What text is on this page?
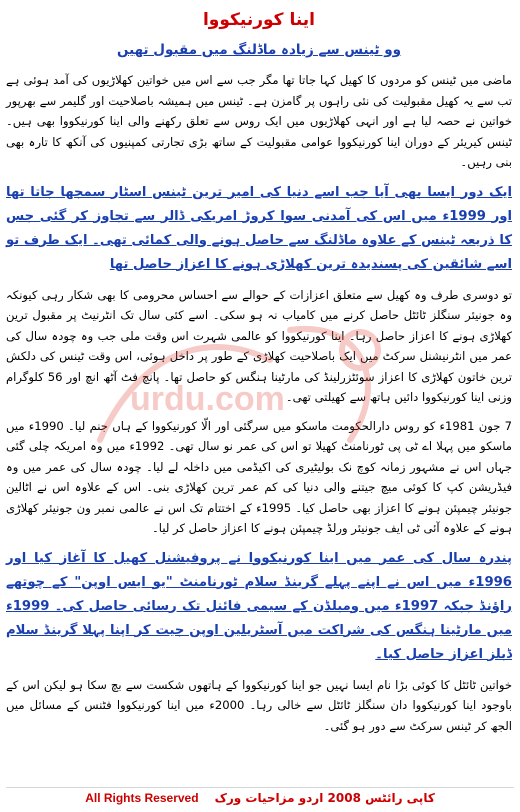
اینا کورنیکووا
وو ٹینس سے زیادہ ماڈلنگ میں مقبول تھیں

ماضی میں ٹینس کو مردوں کا کھیل کہا جاتا تھا مگر جب سے اس میں خواتین کھلاڑیوں کی آمد ہوئی ہے تب سے یہ کھیل مقبولیت کی نئی راہوں پر گامزن ہے۔ ٹینس میں ہمیشہ باصلاحیت اور گلیمر سے بھرپور خواتین نے حصہ لیا ہے اور انہی کھلاڑیوں میں ایک روس سے تعلق رکھنے والی اینا کورنیکووا بھی ہیں۔ ٹینس کیریئر کے دوران اینا کورنیکووا عوامی مقبولیت کے ساتھ بڑی تجارتی کمپنیوں کی آنکھ کا تارہ بھی بنی رہیں۔

ایک دور ایسا بھی آیا جب اسے دنیا کی امیر ترین ٹینس اسٹار سمجھا جاتا تھا اور 1999ء میں اس کی آمدنی سوا کروڑ امریکی ڈالر سے تجاوز کر گئی جس کا ذریعہ ٹینس کے علاوہ ماڈلنگ سے حاصل ہونے والی کمائی تھی۔ ایک طرف تو اسے شائقین کی پسندیدہ ترین کھلاڑی ہونے کا اعزاز حاصل تھا

تو دوسری طرف وہ کھیل سے متعلق اعزازات کے حوالے سے احساس محرومی کا بھی شکار رہی کیونکہ وہ جونیئر سنگلز ٹائٹل حاصل کرنے میں کامیاب نہ ہو سکی۔ اسے کئی سال تک انٹرنیٹ پر مقبول ترین کھلاڑی ہونے کا اعزاز حاصل رہا۔ اینا کورنیکووا کو عالمی شہرت اس وقت ملی جب وہ چودہ سال کی عمر میں انٹرنیشنل سرکٹ میں ایک باصلاحیت کھلاڑی کے طور پر داخل ہوئی، اس وقت ٹینس کی دلکش ترین خاتون کھلاڑی کا اعزاز سوئٹزرلینڈ کی مارٹینا ہنگس کو حاصل تھا۔ پانچ فٹ آٹھ انچ اور 56 کلوگرام وزنی اینا کورنیکووا دائیں ہاتھ سے کھیلتی تھی۔

7 جون 1981ء کو روس دارالحکومت ماسکو میں سرگئی اور الّا کورنیکووا کے ہاں جنم لیا۔ 1990ء میں ماسکو میں پہلا اے ٹی پی ٹورنامنٹ کھیلا تو اس کی عمر نو سال تھی۔ 1992ء میں وہ امریکہ چلی گئی جہاں اس نے مشہور زمانہ کوچ نک بولیٹیری کی اکیڈمی میں داخلہ لے لیا۔ چودہ سال کی عمر میں وہ فیڈریشن کپ کا کوئی میچ جیتنے والی دنیا کی کم عمر ترین کھلاڑی بنی۔ اس کے علاوہ اس نے اٹالین جونیئر چیمپئن ہونے کا اعزاز بھی حاصل کیا۔ 1995ء کے اختتام تک اس نے عالمی نمبر ون جونیئر کھلاڑی ہونے کے علاوہ آئی ٹی ایف جونیئر ورلڈ چیمپئن ہونے کا اعزاز حاصل کر لیا۔

پندرہ سال کی عمر میں اینا کورنیکووا نے پروفیشنل کھیل کا آغاز کیا اور 1996ء میں اس نے اپنے پہلے گرینڈ سلام ٹورنامنٹ "یو ایس اوپن" کے چوتھے راؤنڈ جبکہ 1997ء میں ومبلڈن کے سیمی فائنل تک رسائی حاصل کی۔ 1999ء میں مارٹینا ہنگس کی شراکت میں آسٹریلین اوپن جیت کر اپنا پہلا گرینڈ سلام ڈبلز اعزاز حاصل کیا۔

خواتین ٹائٹل کا کوئی بڑا نام ایسا نہیں جو اینا کورنیکووا کے ہاتھوں شکست سے بچ سکا ہو لیکن اس کے باوجود اینا کورنیکووا دان سنگلز ٹائٹل سے خالی رہا۔ 2000ء میں اینا کورنیکووا فٹنس کے مسائل میں الجھ کر ٹینس سرکٹ سے دور ہو گئی۔

urdu.com
All Rights Reserved کاپی رائٹس 2008 اردو مزاحیات ورک
